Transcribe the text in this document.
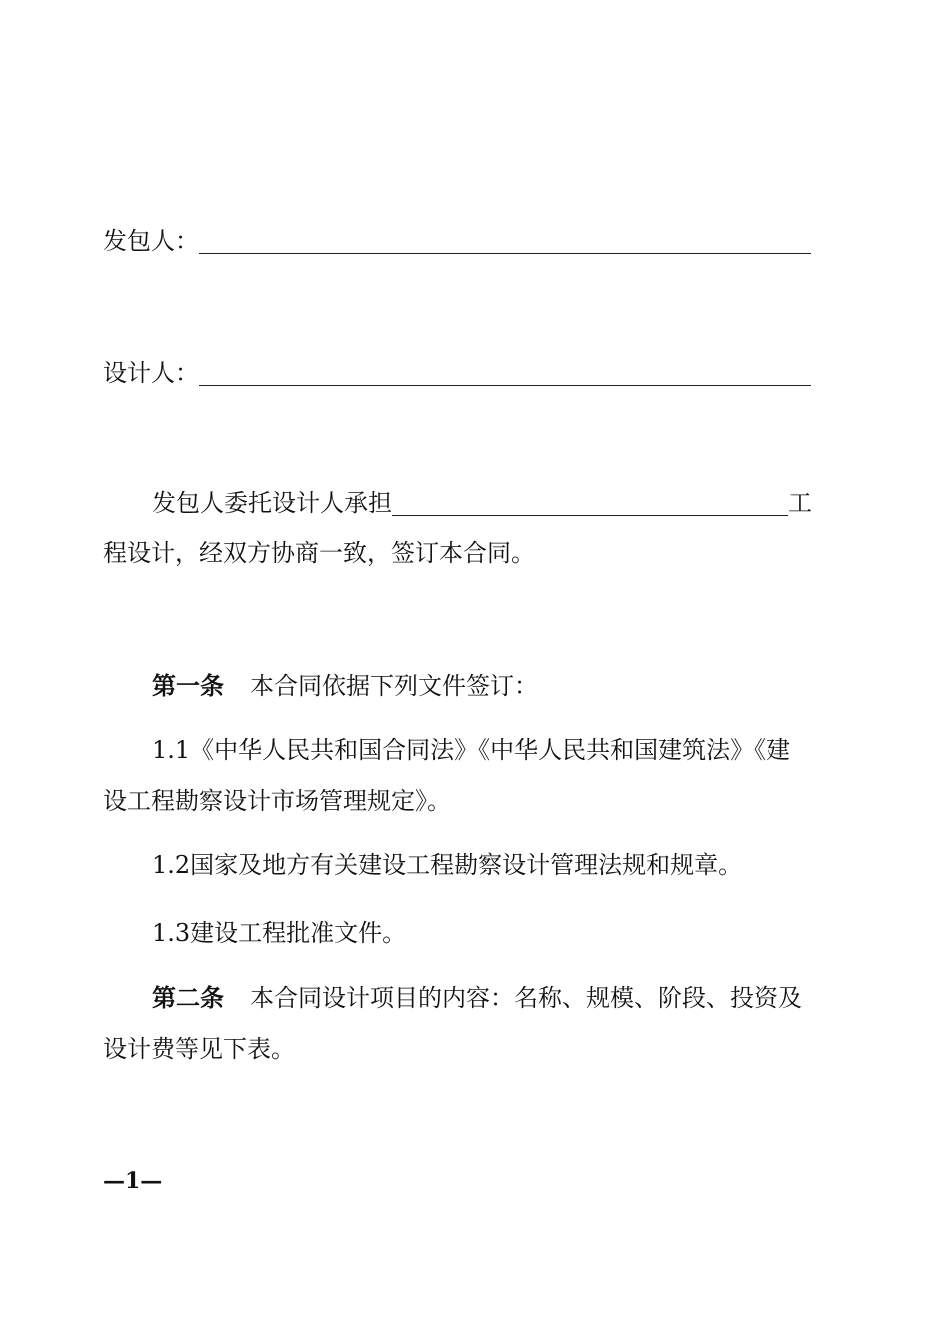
发包人：
设计人：
发包人委托设计人承担	工
程设计，经双方协商一致，签订本合同。
第一条 本合同依据下列文件签订：
1.1《中华人民共和国合同法》《中华人民共和国建筑法》《建
设工程勘察设计市场管理规定》。
1.2国家及地方有关建设工程勘察设计管理法规和规章。
1.3建设工程批准文件。
第二条 本合同设计项目的内容：名称、规模、阶段、投资及
设计费等见下表。
—1—
